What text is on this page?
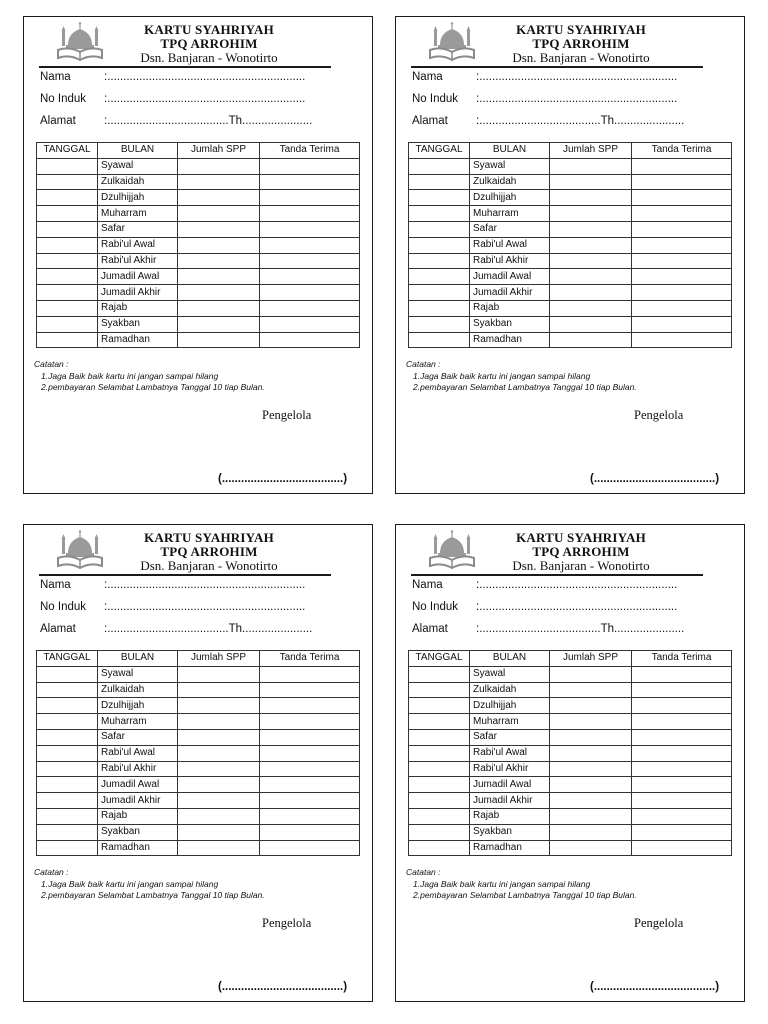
KARTU SYAHRIYAH
TPQ ARROHIM
Dsn. Banjaran - Wonotirto
Nama	:..............................................................
No Induk :..............................................................
Alamat :......................................Th......................
TANGGAL	BULAN	Jumlah SPP	Tanda Terima
	Syawal		
	Zulkaidah		
	Dzulhijjah		
	Muharram		
	Safar		
	Rabi'ul Awal		
	Rabi'ul Akhir		
	Jumadil Awal		
	Jumadil Akhir		
	Rajab		
	Syakban		
	Ramadhan		
Catatan :
1.Jaga Baik baik kartu ini jangan sampai hilang
2.pembayaran Selambat Lambatnya Tanggal 10 tiap Bulan.
Pengelola
(......................................)
KARTU SYAHRIYAH
TPQ ARROHIM
Dsn. Banjaran - Wonotirto
Nama	:..............................................................
No Induk :..............................................................
Alamat :......................................Th......................
TANGGAL	BULAN	Jumlah SPP	Tanda Terima
	Syawal		
	Zulkaidah		
	Dzulhijjah		
	Muharram		
	Safar		
	Rabi'ul Awal		
	Rabi'ul Akhir		
	Jumadil Awal		
	Jumadil Akhir		
	Rajab		
	Syakban		
	Ramadhan		
Catatan :
1.Jaga Baik baik kartu ini jangan sampai hilang
2.pembayaran Selambat Lambatnya Tanggal 10 tiap Bulan.
Pengelola
(......................................)
KARTU SYAHRIYAH
TPQ ARROHIM
Dsn. Banjaran - Wonotirto
Nama	:..............................................................
No Induk :..............................................................
Alamat :......................................Th......................
TANGGAL	BULAN	Jumlah SPP	Tanda Terima
	Syawal		
	Zulkaidah		
	Dzulhijjah		
	Muharram		
	Safar		
	Rabi'ul Awal		
	Rabi'ul Akhir		
	Jumadil Awal		
	Jumadil Akhir		
	Rajab		
	Syakban		
	Ramadhan		
Catatan :
1.Jaga Baik baik kartu ini jangan sampai hilang
2.pembayaran Selambat Lambatnya Tanggal 10 tiap Bulan.
Pengelola
(......................................)
KARTU SYAHRIYAH
TPQ ARROHIM
Dsn. Banjaran - Wonotirto
Nama	:..............................................................
No Induk :..............................................................
Alamat :......................................Th......................
TANGGAL	BULAN	Jumlah SPP	Tanda Terima
	Syawal		
	Zulkaidah		
	Dzulhijjah		
	Muharram		
	Safar		
	Rabi'ul Awal		
	Rabi'ul Akhir		
	Jumadil Awal		
	Jumadil Akhir		
	Rajab		
	Syakban		
	Ramadhan		
Catatan :
1.Jaga Baik baik kartu ini jangan sampai hilang
2.pembayaran Selambat Lambatnya Tanggal 10 tiap Bulan.
Pengelola
(......................................)
